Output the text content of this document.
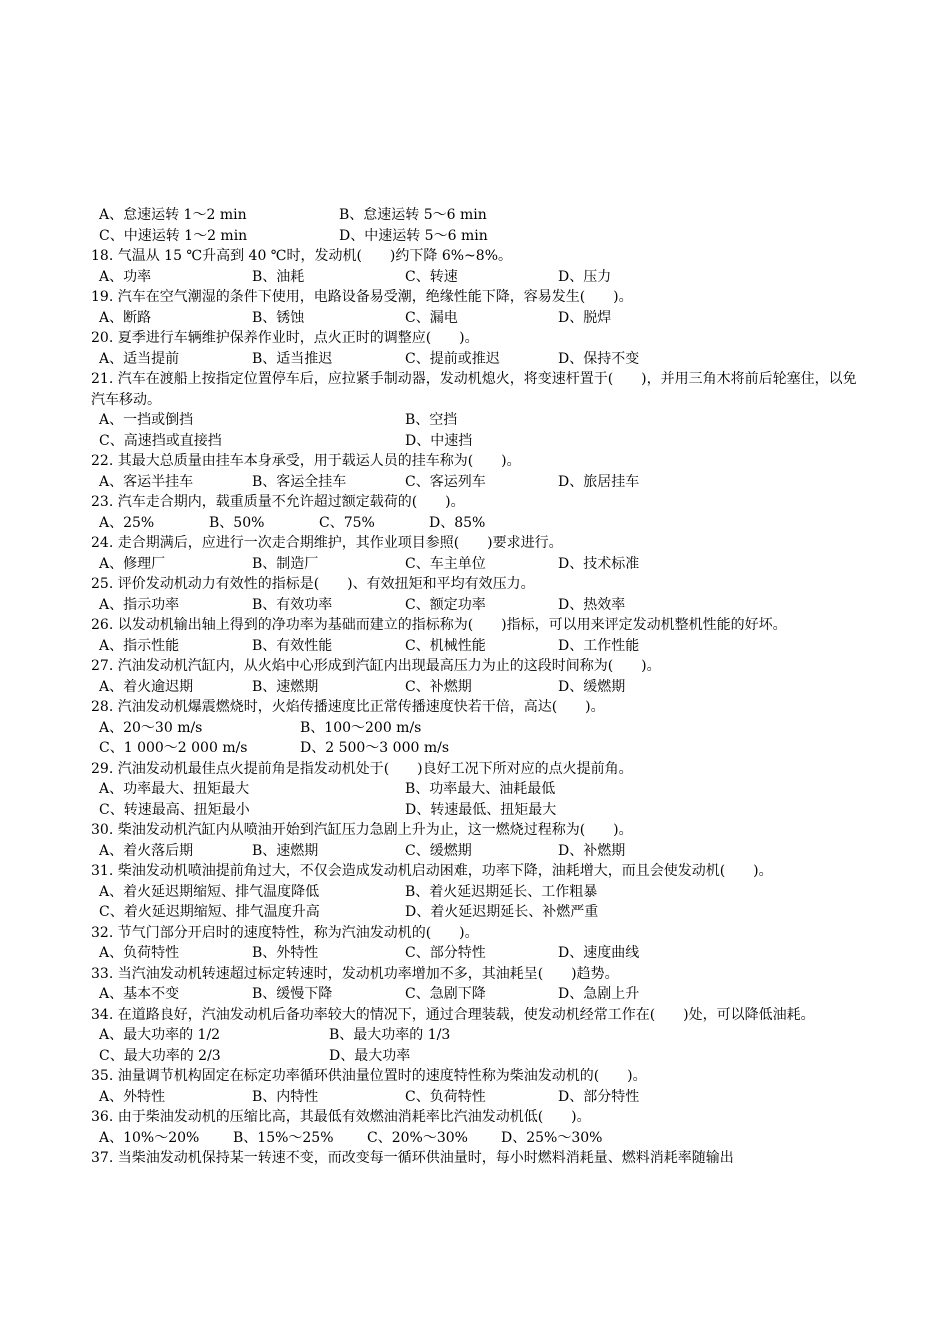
A、怠速运转 1～2 min	B、怠速运转 5～6 min
C、中速运转 1～2 min	D、中速运转 5～6 min
18. 气温从 15 ℃升高到 40 ℃时，发动机(　　)约下降 6%~8%。
A、功率	B、油耗	C、转速	D、压力
19. 汽车在空气潮湿的条件下使用，电路设备易受潮，绝缘性能下降，容易发生(　　)。
A、断路	B、锈蚀	C、漏电	D、脱焊
20. 夏季进行车辆维护保养作业时，点火正时的调整应(　　)。
A、适当提前	B、适当推迟	C、提前或推迟	D、保持不变
21. 汽车在渡船上按指定位置停车后，应拉紧手制动器，发动机熄火，将变速杆置于(　　)，并用三角木将前后轮塞住，以免汽车移动。
A、一挡或倒挡	B、空挡
C、高速挡或直接挡	D、中速挡
22. 其最大总质量由挂车本身承受，用于载运人员的挂车称为(　　)。
A、客运半挂车	B、客运全挂车	C、客运列车	D、旅居挂车
23. 汽车走合期内，载重质量不允许超过额定载荷的(　　)。
A、25%	B、50%	C、75%	D、85%
24. 走合期满后，应进行一次走合期维护，其作业项目参照(　　)要求进行。
A、修理厂	B、制造厂	C、车主单位	D、技术标准
25. 评价发动机动力有效性的指标是(　　)、有效扭矩和平均有效压力。
A、指示功率	B、有效功率	C、额定功率	D、热效率
26. 以发动机输出轴上得到的净功率为基础而建立的指标称为(　　)指标，可以用来评定发动机整机性能的好坏。
A、指示性能	B、有效性能	C、机械性能	D、工作性能
27. 汽油发动机汽缸内，从火焰中心形成到汽缸内出现最高压力为止的这段时间称为(　　)。
A、着火逾迟期	B、速燃期	C、补燃期	D、缓燃期
28. 汽油发动机爆震燃烧时，火焰传播速度比正常传播速度快若干倍，高达(　　)。
A、20～30 m/s	B、100～200 m/s
C、1 000～2 000 m/s	D、2 500～3 000 m/s
29. 汽油发动机最佳点火提前角是指发动机处于(　　)良好工况下所对应的点火提前角。
A、功率最大、扭矩最大	B、功率最大、油耗最低
C、转速最高、扭矩最小	D、转速最低、扭矩最大
30. 柴油发动机汽缸内从喷油开始到汽缸压力急剧上升为止，这一燃烧过程称为(　　)。
A、着火落后期	B、速燃期	C、缓燃期	D、补燃期
31. 柴油发动机喷油提前角过大，不仅会造成发动机启动困难，功率下降，油耗增大，而且会使发动机(　　)。
A、着火延迟期缩短、排气温度降低	B、着火延迟期延长、工作粗暴
C、着火延迟期缩短、排气温度升高	D、着火延迟期延长、补燃严重
32. 节气门部分开启时的速度特性，称为汽油发动机的(　　)。
A、负荷特性	B、外特性	C、部分特性	D、速度曲线
33. 当汽油发动机转速超过标定转速时，发动机功率增加不多，其油耗呈(　　)趋势。
A、基本不变	B、缓慢下降	C、急剧下降	D、急剧上升
34. 在道路良好，汽油发动机后备功率较大的情况下，通过合理装载，使发动机经常工作在(　　)处，可以降低油耗。
A、最大功率的 1/2	B、最大功率的 1/3
C、最大功率的 2/3	D、最大功率
35. 油量调节机构固定在标定功率循环供油量位置时的速度特性称为柴油发动机的(　　)。
A、外特性	B、内特性	C、负荷特性	D、部分特性
36. 由于柴油发动机的压缩比高，其最低有效燃油消耗率比汽油发动机低(　　)。
A、10%～20%	B、15%～25%	C、20%～30%	D、25%～30%
37. 当柴油发动机保持某一转速不变，而改变每一循环供油量时，每小时燃料消耗量、燃料消耗率随输出
